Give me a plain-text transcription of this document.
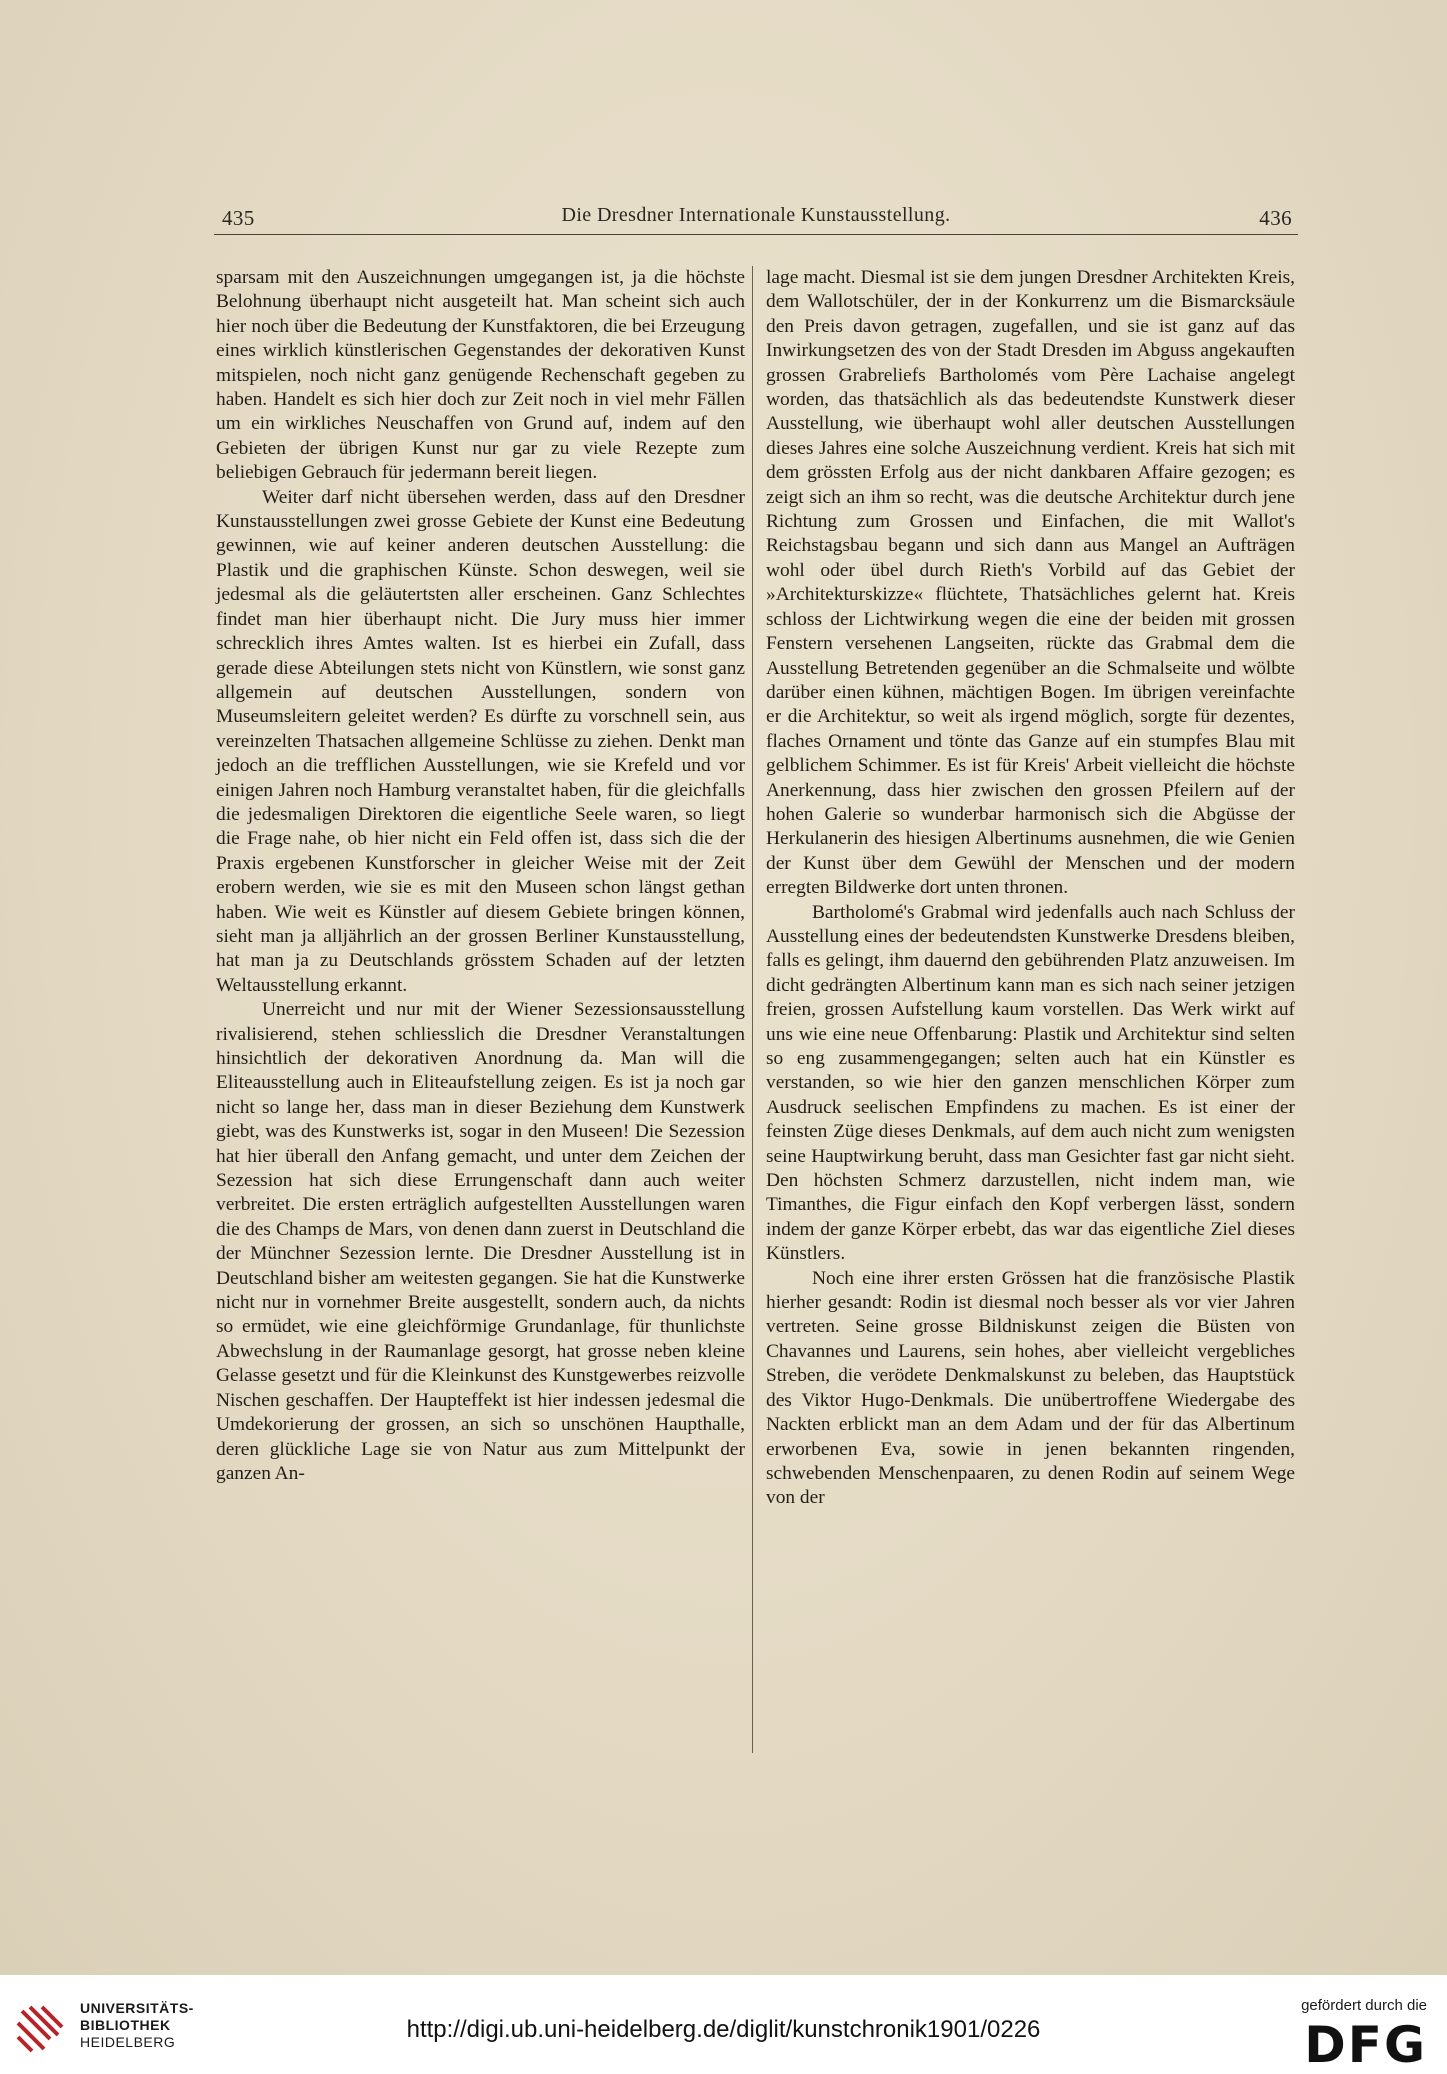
435	Die Dresdner Internationale Kunstausstellung.	436

sparsam mit den Auszeichnungen umgegangen ist, ja die höchste Belohnung überhaupt nicht ausgeteilt hat. Man scheint sich auch hier noch über die Bedeutung der Kunstfaktoren, die bei Erzeugung eines wirklich künstlerischen Gegenstandes der dekorativen Kunst mitspielen, noch nicht ganz genügende Rechenschaft gegeben zu haben. Handelt es sich hier doch zur Zeit noch in viel mehr Fällen um ein wirkliches Neuschaffen von Grund auf, indem auf den Gebieten der übrigen Kunst nur gar zu viele Rezepte zum beliebigen Gebrauch für jedermann bereit liegen.

Weiter darf nicht übersehen werden, dass auf den Dresdner Kunstausstellungen zwei grosse Gebiete der Kunst eine Bedeutung gewinnen, wie auf keiner anderen deutschen Ausstellung: die Plastik und die graphischen Künste. Schon deswegen, weil sie jedesmal als die geläutertsten aller erscheinen. Ganz Schlechtes findet man hier überhaupt nicht. Die Jury muss hier immer schrecklich ihres Amtes walten. Ist es hierbei ein Zufall, dass gerade diese Abteilungen stets nicht von Künstlern, wie sonst ganz allgemein auf deutschen Ausstellungen, sondern von Museumsleitern geleitet werden? Es dürfte zu vorschnell sein, aus vereinzelten Thatsachen allgemeine Schlüsse zu ziehen. Denkt man jedoch an die trefflichen Ausstellungen, wie sie Krefeld und vor einigen Jahren noch Hamburg veranstaltet haben, für die gleichfalls die jedesmaligen Direktoren die eigentliche Seele waren, so liegt die Frage nahe, ob hier nicht ein Feld offen ist, dass sich die der Praxis ergebenen Kunstforscher in gleicher Weise mit der Zeit erobern werden, wie sie es mit den Museen schon längst gethan haben. Wie weit es Künstler auf diesem Gebiete bringen können, sieht man ja alljährlich an der grossen Berliner Kunstausstellung, hat man ja zu Deutschlands grösstem Schaden auf der letzten Weltausstellung erkannt.

Unerreicht und nur mit der Wiener Sezessionsausstellung rivalisierend, stehen schliesslich die Dresdner Veranstaltungen hinsichtlich der dekorativen Anordnung da. Man will die Eliteausstellung auch in Eliteaufstellung zeigen. Es ist ja noch gar nicht so lange her, dass man in dieser Beziehung dem Kunstwerk giebt, was des Kunstwerks ist, sogar in den Museen! Die Sezession hat hier überall den Anfang gemacht, und unter dem Zeichen der Sezession hat sich diese Errungenschaft dann auch weiter verbreitet. Die ersten erträglich aufgestellten Ausstellungen waren die des Champs de Mars, von denen dann zuerst in Deutschland die der Münchner Sezession lernte. Die Dresdner Ausstellung ist in Deutschland bisher am weitesten gegangen. Sie hat die Kunstwerke nicht nur in vornehmer Breite ausgestellt, sondern auch, da nichts so ermüdet, wie eine gleichförmige Grundanlage, für thunlichste Abwechslung in der Raumanlage gesorgt, hat grosse neben kleine Gelasse gesetzt und für die Kleinkunst des Kunstgewerbes reizvolle Nischen geschaffen. Der Haupteffekt ist hier indessen jedesmal die Umdekorierung der grossen, an sich so unschönen Haupthalle, deren glückliche Lage sie von Natur aus zum Mittelpunkt der ganzen An-

lage macht. Diesmal ist sie dem jungen Dresdner Architekten Kreis, dem Wallotschüler, der in der Konkurrenz um die Bismarcksäule den Preis davon getragen, zugefallen, und sie ist ganz auf das Inwirkungsetzen des von der Stadt Dresden im Abguss angekauften grossen Grabreliefs Bartholomés vom Père Lachaise angelegt worden, das thatsächlich als das bedeutendste Kunstwerk dieser Ausstellung, wie überhaupt wohl aller deutschen Ausstellungen dieses Jahres eine solche Auszeichnung verdient. Kreis hat sich mit dem grössten Erfolg aus der nicht dankbaren Affaire gezogen; es zeigt sich an ihm so recht, was die deutsche Architektur durch jene Richtung zum Grossen und Einfachen, die mit Wallot's Reichstagsbau begann und sich dann aus Mangel an Aufträgen wohl oder übel durch Rieth's Vorbild auf das Gebiet der »Architekturskizze« flüchtete, Thatsächliches gelernt hat. Kreis schloss der Lichtwirkung wegen die eine der beiden mit grossen Fenstern versehenen Langseiten, rückte das Grabmal dem die Ausstellung Betretenden gegenüber an die Schmalseite und wölbte darüber einen kühnen, mächtigen Bogen. Im übrigen vereinfachte er die Architektur, so weit als irgend möglich, sorgte für dezentes, flaches Ornament und tönte das Ganze auf ein stumpfes Blau mit gelblichem Schimmer. Es ist für Kreis' Arbeit vielleicht die höchste Anerkennung, dass hier zwischen den grossen Pfeilern auf der hohen Galerie so wunderbar harmonisch sich die Abgüsse der Herkulanerin des hiesigen Albertinums ausnehmen, die wie Genien der Kunst über dem Gewühl der Menschen und der modern erregten Bildwerke dort unten thronen.

Bartholomé's Grabmal wird jedenfalls auch nach Schluss der Ausstellung eines der bedeutendsten Kunstwerke Dresdens bleiben, falls es gelingt, ihm dauernd den gebührenden Platz anzuweisen. Im dicht gedrängten Albertinum kann man es sich nach seiner jetzigen freien, grossen Aufstellung kaum vorstellen. Das Werk wirkt auf uns wie eine neue Offenbarung: Plastik und Architektur sind selten so eng zusammengegangen; selten auch hat ein Künstler es verstanden, so wie hier den ganzen menschlichen Körper zum Ausdruck seelischen Empfindens zu machen. Es ist einer der feinsten Züge dieses Denkmals, auf dem auch nicht zum wenigsten seine Hauptwirkung beruht, dass man Gesichter fast gar nicht sieht. Den höchsten Schmerz darzustellen, nicht indem man, wie Timanthes, die Figur einfach den Kopf verbergen lässt, sondern indem der ganze Körper erbebt, das war das eigentliche Ziel dieses Künstlers.

Noch eine ihrer ersten Grössen hat die französische Plastik hierher gesandt: Rodin ist diesmal noch besser als vor vier Jahren vertreten. Seine grosse Bildniskunst zeigen die Büsten von Chavannes und Laurens, sein hohes, aber vielleicht vergebliches Streben, die verödete Denkmalskunst zu beleben, das Hauptstück des Viktor Hugo-Denkmals. Die unübertroffene Wiedergabe des Nackten erblickt man an dem Adam und der für das Albertinum erworbenen Eva, sowie in jenen bekannten ringenden, schwebenden Menschenpaaren, zu denen Rodin auf seinem Wege von der

UNIVERSITÄTS-
BIBLIOTHEK
HEIDELBERG	http://digi.ub.uni-heidelberg.de/diglit/kunstchronik1901/0226
gefördert durch die
DFG
